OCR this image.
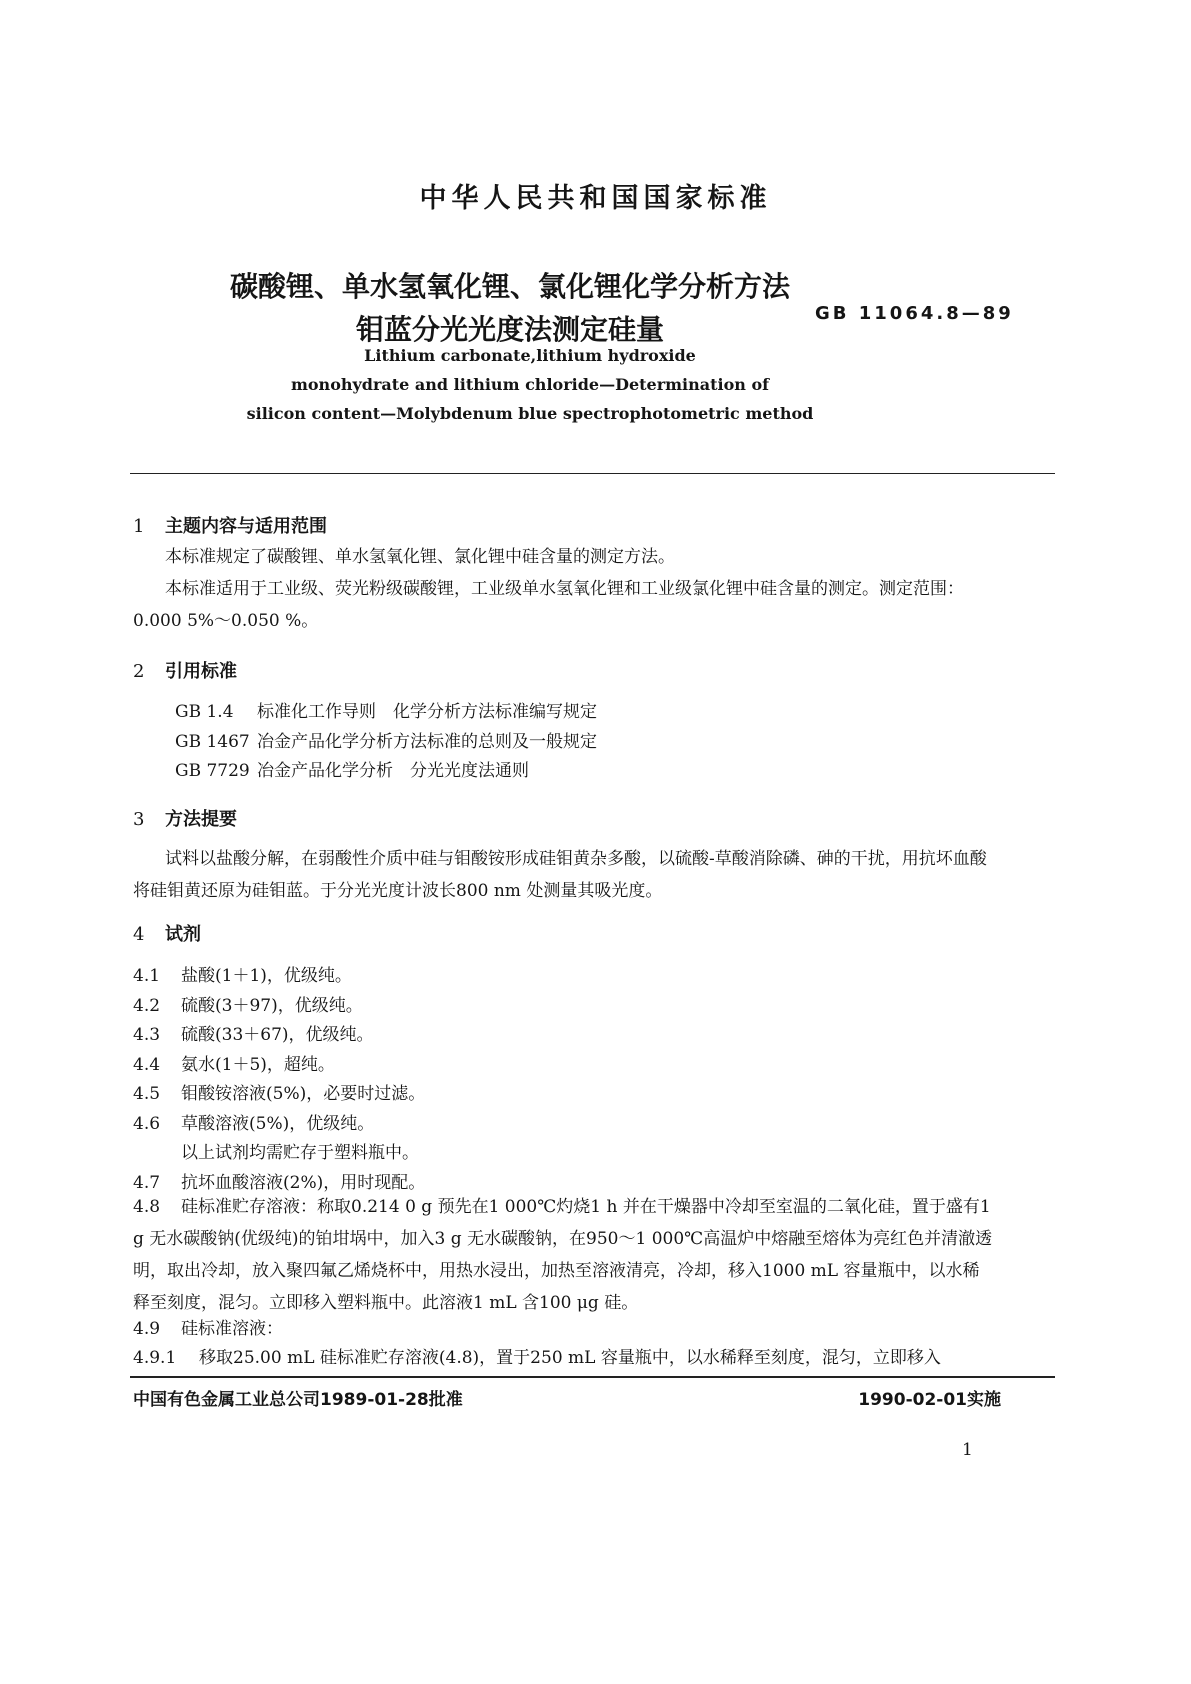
中华人民共和国国家标准
碳酸锂、单水氢氧化锂、氯化锂化学分析方法
钼蓝分光光度法测定硅量	GB 11064.8—89
Lithium carbonate,lithium hydroxide
monohydrate and lithium chloride—Determination of
silicon content—Molybdenum blue spectrophotometric method
1 主题内容与适用范围
本标准规定了碳酸锂、单水氢氧化锂、氯化锂中硅含量的测定方法。
本标准适用于工业级、荧光粉级碳酸锂，工业级单水氢氧化锂和工业级氯化锂中硅含量的测定。测定范围：0.000 5%～0.050 %。
2 引用标准
GB 1.4 标准化工作导则　化学分析方法标准编写规定
GB 1467 冶金产品化学分析方法标准的总则及一般规定
GB 7729 冶金产品化学分析　分光光度法通则
3 方法提要
试料以盐酸分解，在弱酸性介质中硅与钼酸铵形成硅钼黄杂多酸，以硫酸-草酸消除磷、砷的干扰，用抗坏血酸将硅钼黄还原为硅钼蓝。于分光光度计波长800 nm 处测量其吸光度。
4 试剂
4.1 盐酸(1＋1)，优级纯。
4.2 硫酸(3＋97)，优级纯。
4.3 硫酸(33＋67)，优级纯。
4.4 氨水(1＋5)，超纯。
4.5 钼酸铵溶液(5%)，必要时过滤。
4.6 草酸溶液(5%)，优级纯。
以上试剂均需贮存于塑料瓶中。
4.7 抗坏血酸溶液(2%)，用时现配。
4.8 硅标准贮存溶液：称取0.214 0 g 预先在1 000℃灼烧1 h 并在干燥器中冷却至室温的二氧化硅，置于盛有1 g 无水碳酸钠(优级纯)的铂坩埚中，加入3 g 无水碳酸钠，在950～1 000℃高温炉中熔融至熔体为亮红色并清澈透明，取出冷却，放入聚四氟乙烯烧杯中，用热水浸出，加热至溶液清亮，冷却，移入1000 mL 容量瓶中，以水稀释至刻度，混匀。立即移入塑料瓶中。此溶液1 mL 含100 μg 硅。
4.9 硅标准溶液：
4.9.1 移取25.00 mL 硅标准贮存溶液(4.8)，置于250 mL 容量瓶中，以水稀释至刻度，混匀，立即移入
中国有色金属工业总公司1989-01-28批准	1990-02-01实施
1
